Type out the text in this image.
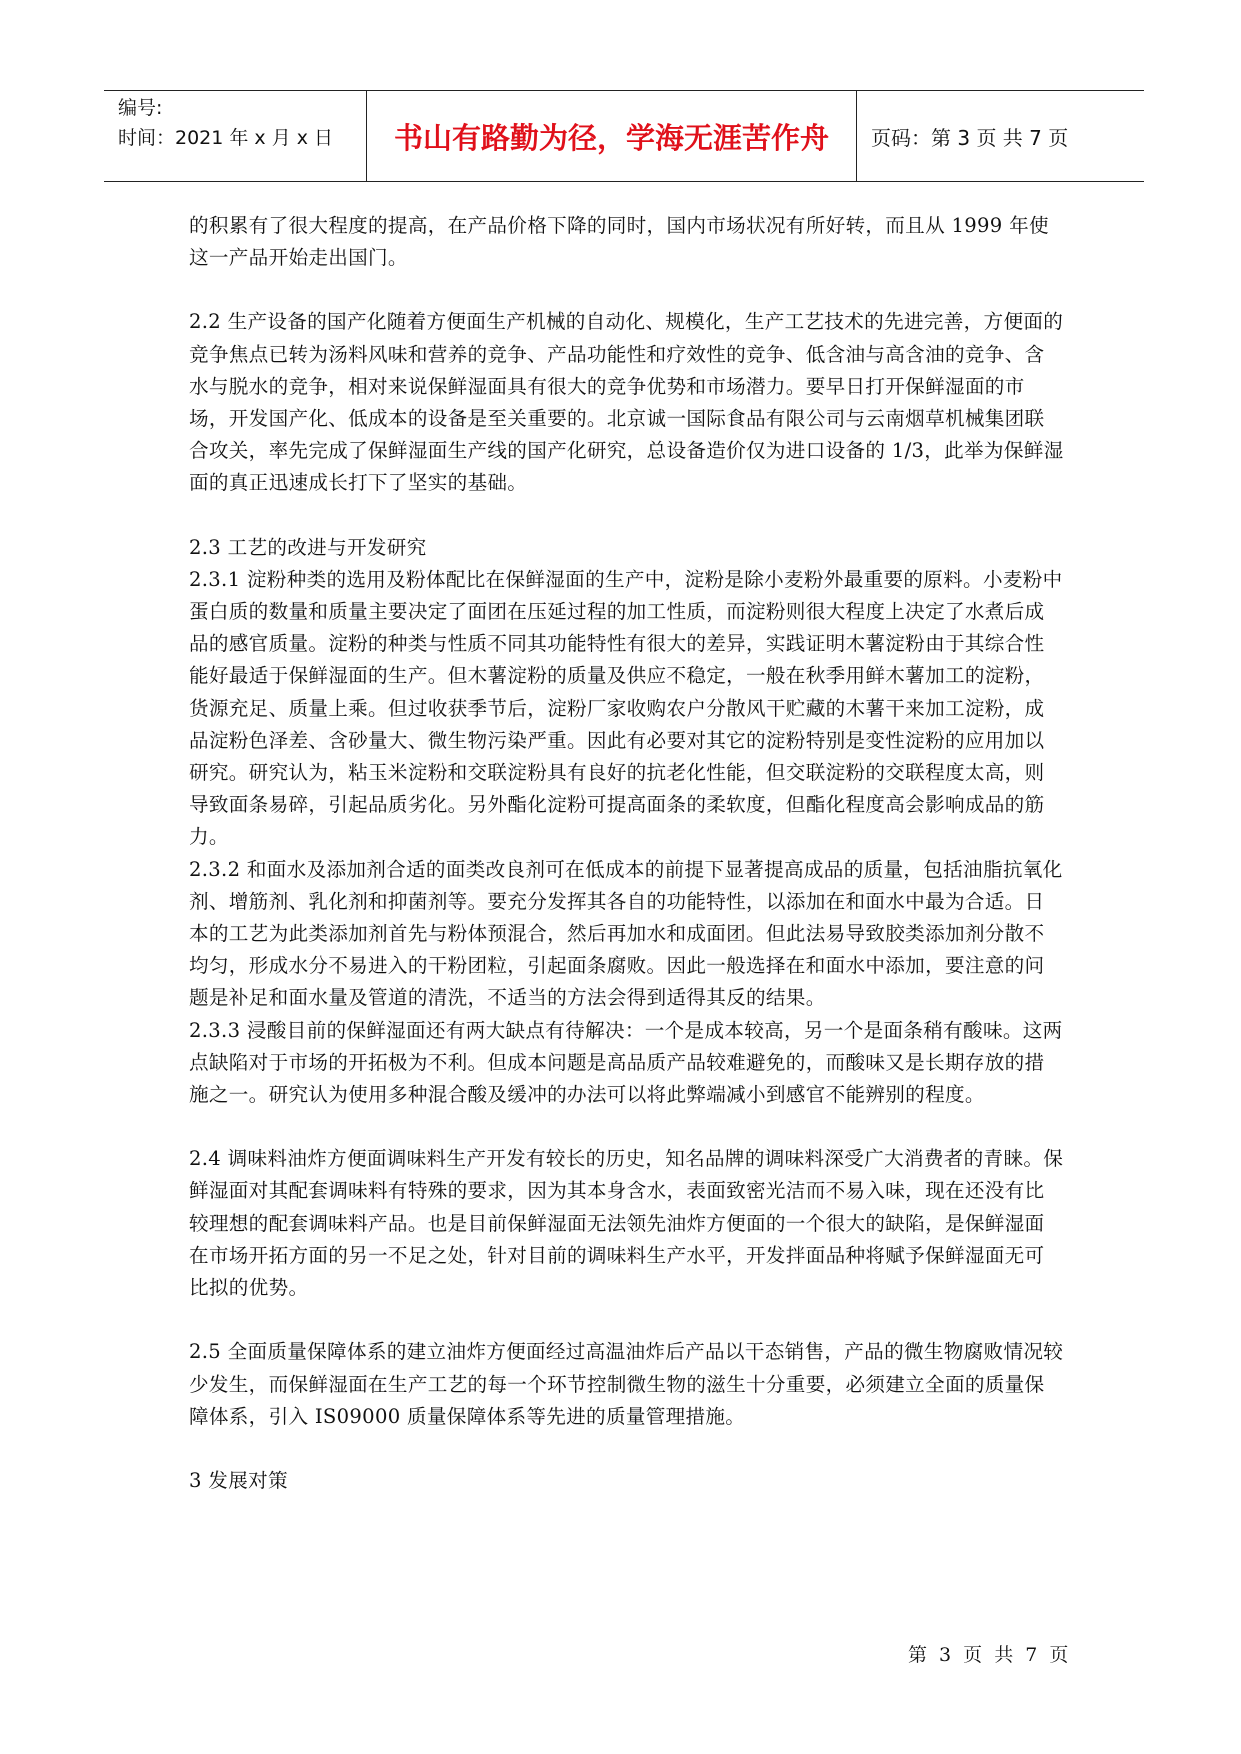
编号:
时间：2021 年 x 月 x 日	书山有路勤为径，学海无涯苦作舟	页码：第 3 页 共 7 页

的积累有了很大程度的提高，在产品价格下降的同时，国内市场状况有所好转，而且从 1999 年使这一产品开始走出国门。

2.2 生产设备的国产化随着方便面生产机械的自动化、规模化，生产工艺技术的先进完善，方便面的竞争焦点已转为汤料风味和营养的竞争、产品功能性和疗效性的竞争、低含油与高含油的竞争、含水与脱水的竞争，相对来说保鲜湿面具有很大的竞争优势和市场潜力。要早日打开保鲜湿面的市场，开发国产化、低成本的设备是至关重要的。北京诚一国际食品有限公司与云南烟草机械集团联合攻关，率先完成了保鲜湿面生产线的国产化研究，总设备造价仅为进口设备的 1/3，此举为保鲜湿面的真正迅速成长打下了坚实的基础。

2.3 工艺的改进与开发研究

2.3.1 淀粉种类的选用及粉体配比在保鲜湿面的生产中，淀粉是除小麦粉外最重要的原料。小麦粉中蛋白质的数量和质量主要决定了面团在压延过程的加工性质，而淀粉则很大程度上决定了水煮后成品的感官质量。淀粉的种类与性质不同其功能特性有很大的差异，实践证明木薯淀粉由于其综合性能好最适于保鲜湿面的生产。但木薯淀粉的质量及供应不稳定，一般在秋季用鲜木薯加工的淀粉，货源充足、质量上乘。但过收获季节后，淀粉厂家收购农户分散风干贮藏的木薯干来加工淀粉，成品淀粉色泽差、含砂量大、微生物污染严重。因此有必要对其它的淀粉特别是变性淀粉的应用加以研究。研究认为，粘玉米淀粉和交联淀粉具有良好的抗老化性能，但交联淀粉的交联程度太高，则导致面条易碎，引起品质劣化。另外酯化淀粉可提高面条的柔软度，但酯化程度高会影响成品的筋力。

2.3.2 和面水及添加剂合适的面类改良剂可在低成本的前提下显著提高成品的质量，包括油脂抗氧化剂、增筋剂、乳化剂和抑菌剂等。要充分发挥其各自的功能特性，以添加在和面水中最为合适。日本的工艺为此类添加剂首先与粉体预混合，然后再加水和成面团。但此法易导致胶类添加剂分散不均匀，形成水分不易进入的干粉团粒，引起面条腐败。因此一般选择在和面水中添加，要注意的问题是补足和面水量及管道的清洗，不适当的方法会得到适得其反的结果。

2.3.3 浸酸目前的保鲜湿面还有两大缺点有待解决：一个是成本较高，另一个是面条稍有酸味。这两点缺陷对于市场的开拓极为不利。但成本问题是高品质产品较难避免的，而酸味又是长期存放的措施之一。研究认为使用多种混合酸及缓冲的办法可以将此弊端减小到感官不能辨别的程度。

2.4 调味料油炸方便面调味料生产开发有较长的历史，知名品牌的调味料深受广大消费者的青睐。保鲜湿面对其配套调味料有特殊的要求，因为其本身含水，表面致密光洁而不易入味，现在还没有比较理想的配套调味料产品。也是目前保鲜湿面无法领先油炸方便面的一个很大的缺陷，是保鲜湿面在市场开拓方面的另一不足之处，针对目前的调味料生产水平，开发拌面品种将赋予保鲜湿面无可比拟的优势。

2.5 全面质量保障体系的建立油炸方便面经过高温油炸后产品以干态销售，产品的微生物腐败情况较少发生，而保鲜湿面在生产工艺的每一个环节控制微生物的滋生十分重要，必须建立全面的质量保障体系，引入 IS09000 质量保障体系等先进的质量管理措施。

3 发展对策

第 3 页 共 7 页
